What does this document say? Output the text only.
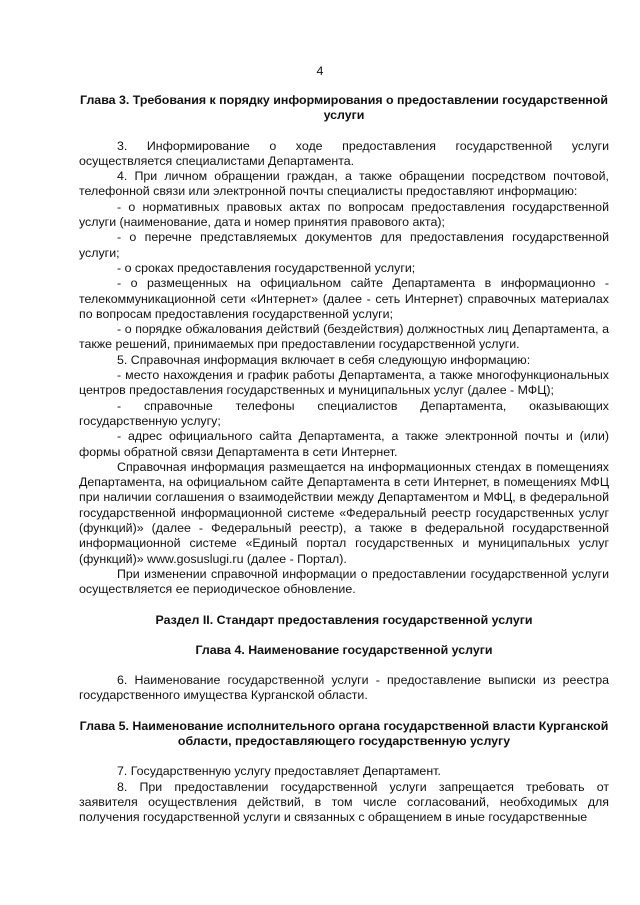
4

Глава 3. Требования к порядку информирования о предоставлении государственной услуги

3. Информирование о ходе предоставления государственной услуги осуществляется специалистами Департамента.

4. При личном обращении граждан, а также обращении посредством почтовой, телефонной связи или электронной почты специалисты предоставляют информацию:

- о нормативных правовых актах по вопросам предоставления государственной услуги (наименование, дата и номер принятия правового акта);

- о перечне представляемых документов для предоставления государственной услуги;

- о сроках предоставления государственной услуги;

- о размещенных на официальном сайте Департамента в информационно - телекоммуникационной сети «Интернет» (далее - сеть Интернет) справочных материалах по вопросам предоставления государственной услуги;

- о порядке обжалования действий (бездействия) должностных лиц Департамента, а также решений, принимаемых при предоставлении государственной услуги.

5. Справочная информация включает в себя следующую информацию:

- место нахождения и график работы Департамента, а также многофункциональных центров предоставления государственных и муниципальных услуг (далее - МФЦ);

- справочные телефоны специалистов Департамента, оказывающих государственную услугу;

- адрес официального сайта Департамента, а также электронной почты и (или) формы обратной связи Департамента в сети Интернет.

Справочная информация размещается на информационных стендах в помещениях Департамента, на официальном сайте Департамента в сети Интернет, в помещениях МФЦ при наличии соглашения о взаимодействии между Департаментом и МФЦ, в федеральной государственной информационной системе «Федеральный реестр государственных услуг (функций)» (далее - Федеральный реестр), а также в федеральной государственной информационной системе «Единый портал государственных и муниципальных услуг (функций)» www.gosuslugi.ru (далее - Портал).

При изменении справочной информации о предоставлении государственной услуги осуществляется ее периодическое обновление.

Раздел II. Стандарт предоставления государственной услуги

Глава 4. Наименование государственной услуги

6. Наименование государственной услуги - предоставление выписки из реестра государственного имущества Курганской области.

Глава 5. Наименование исполнительного органа государственной власти Курганской области, предоставляющего государственную услугу

7. Государственную услугу предоставляет Департамент.

8. При предоставлении государственной услуги запрещается требовать от заявителя осуществления действий, в том числе согласований, необходимых для получения государственной услуги и связанных с обращением в иные государственные
